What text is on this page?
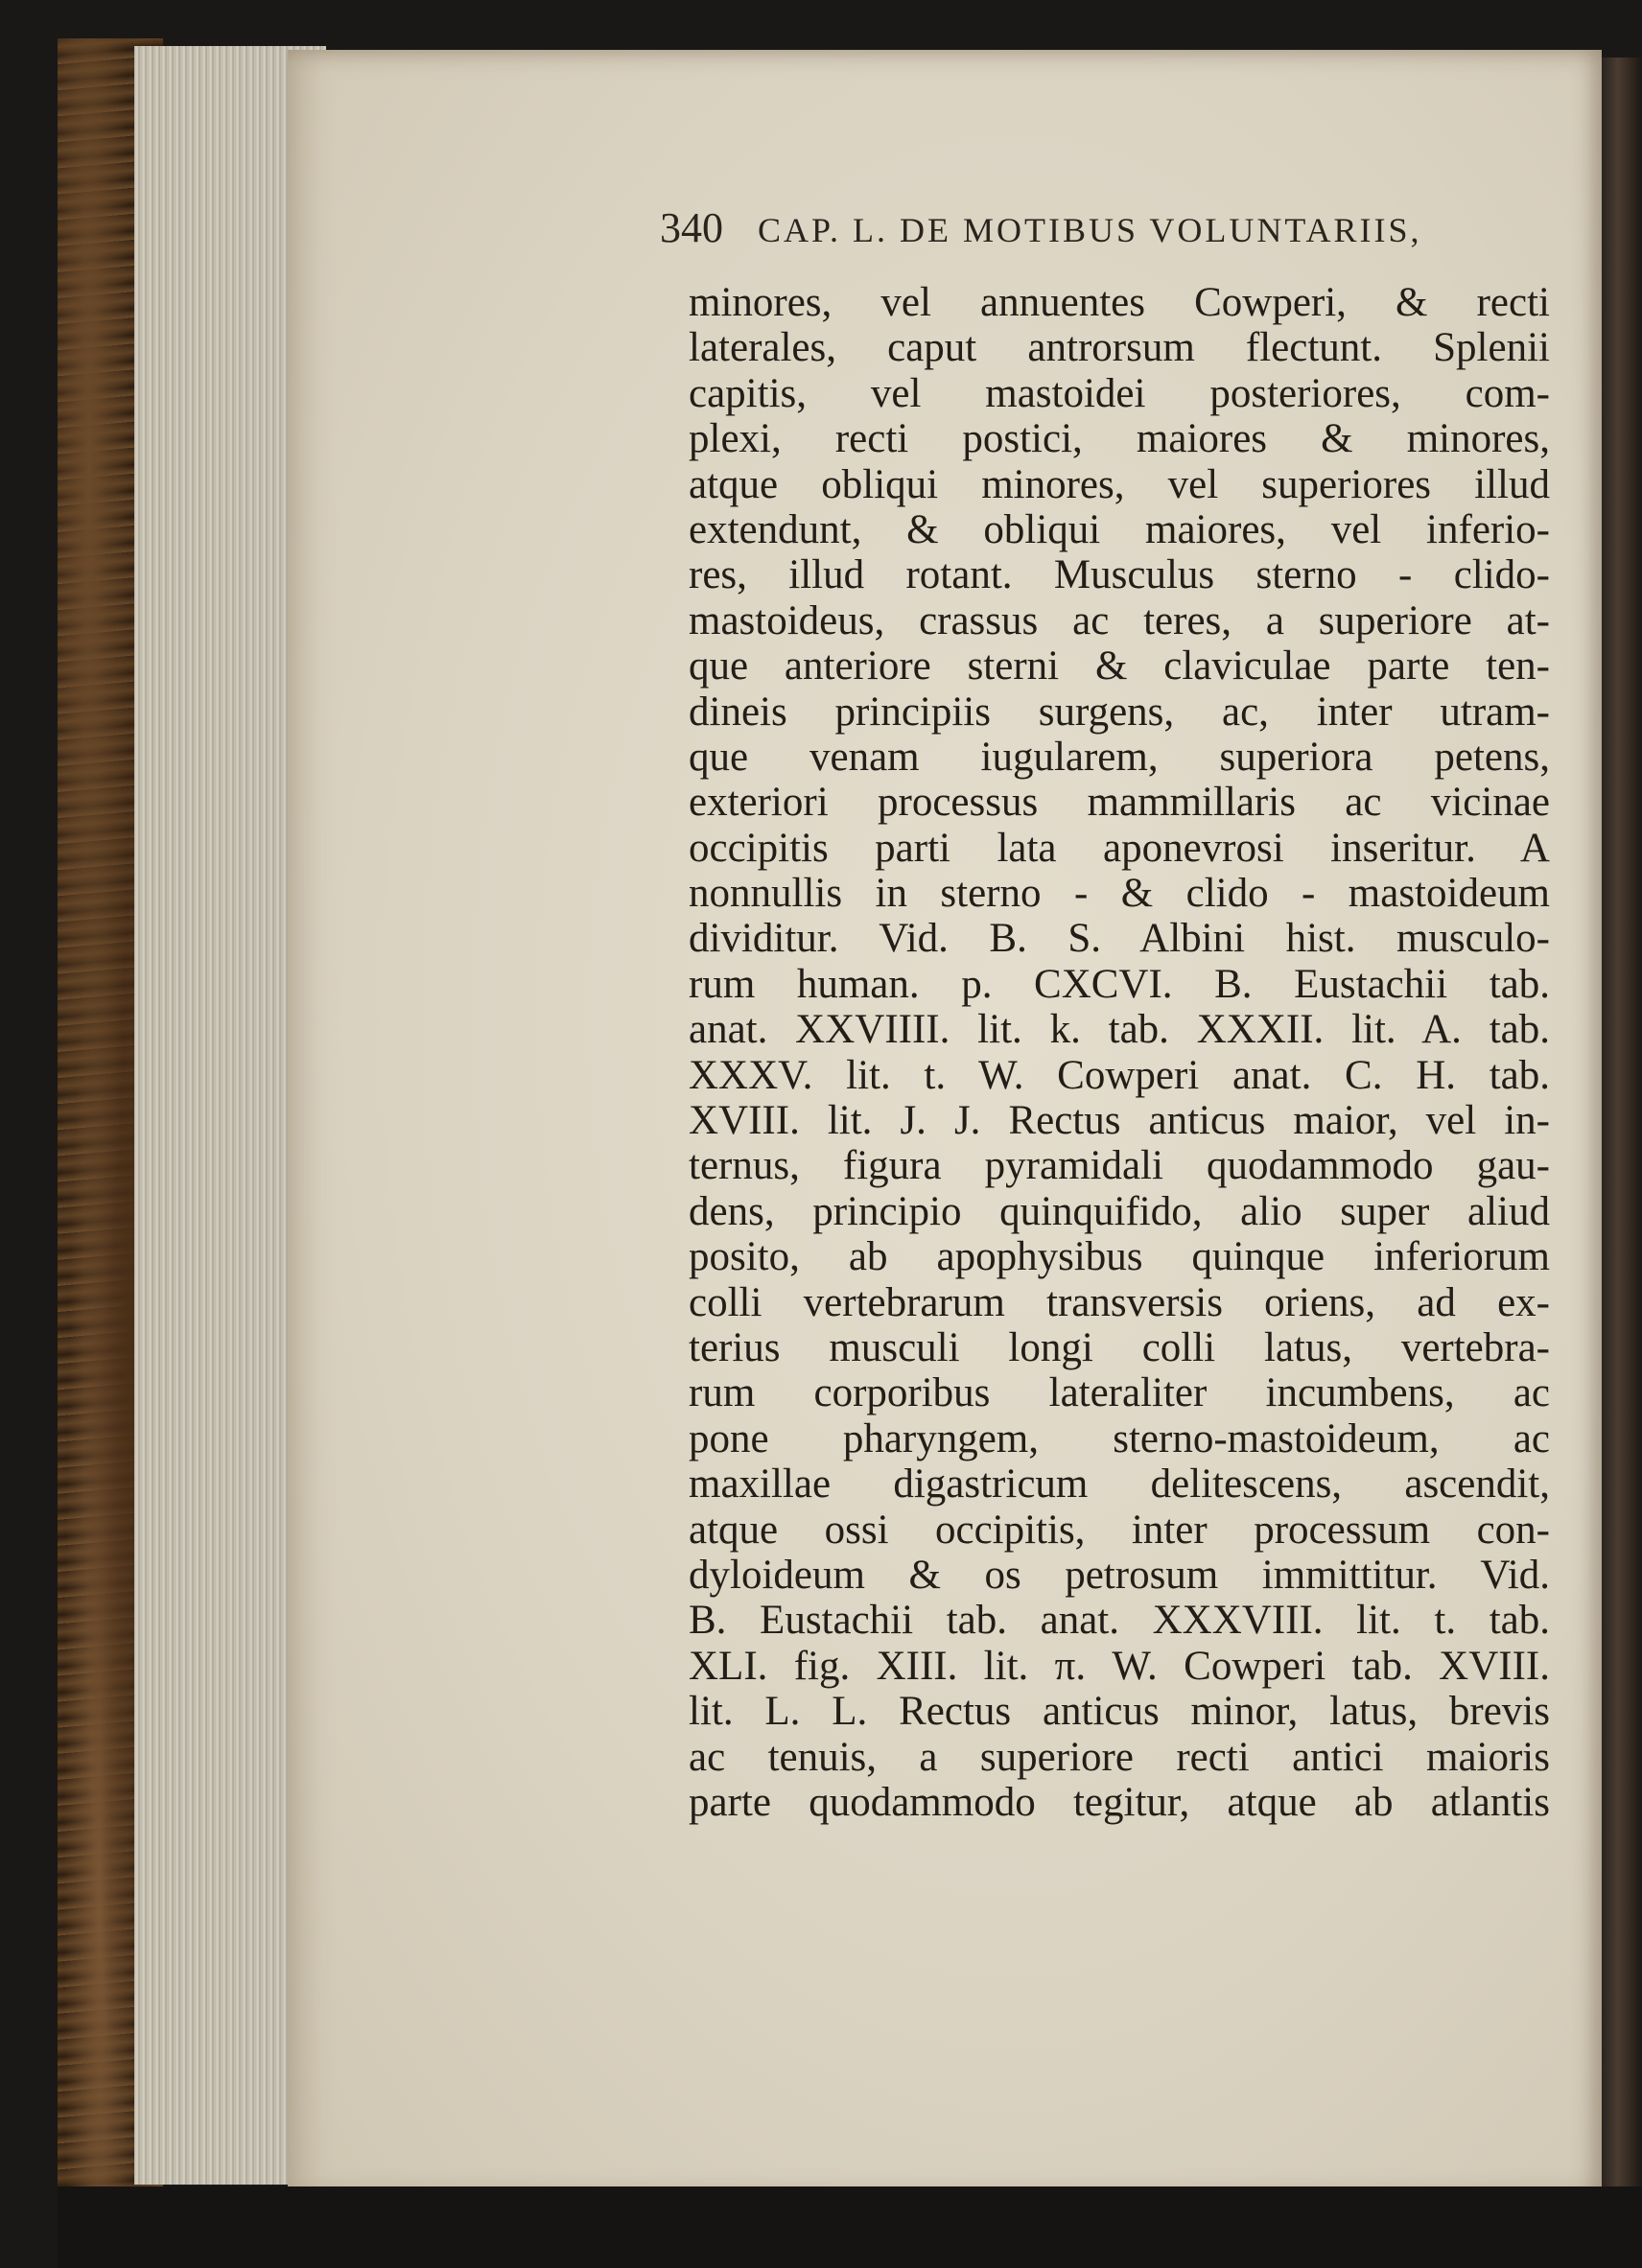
340 CAP. L. DE MOTIBUS VOLUNTARIIS,
minores, vel annuentes Cowperi, & recti
laterales, caput antrorsum flectunt. Splenii
capitis, vel mastoidei posteriores, com-
plexi, recti postici, maiores & minores,
atque obliqui minores, vel superiores illud
extendunt, & obliqui maiores, vel inferio-
res, illud rotant. Musculus sterno - clido-
mastoideus, crassus ac teres, a superiore at-
que anteriore sterni & claviculae parte ten-
dineis principiis surgens, ac, inter utram-
que venam iugularem, superiora petens,
exteriori processus mammillaris ac vicinae
occipitis parti lata aponevrosi inseritur. A
nonnullis in sterno - & clido - mastoideum
dividitur. Vid. B. S. Albini hist. musculo-
rum human. p. CXCVI. B. Eustachii tab.
anat. XXVIIII. lit. k. tab. XXXII. lit. A. tab.
XXXV. lit. t. W. Cowperi anat. C. H. tab.
XVIII. lit. J. J. Rectus anticus maior, vel in-
ternus, figura pyramidali quodammodo gau-
dens, principio quinquifido, alio super aliud
posito, ab apophysibus quinque inferiorum
colli vertebrarum transversis oriens, ad ex-
terius musculi longi colli latus, vertebra-
rum corporibus lateraliter incumbens, ac
pone pharyngem, sterno-mastoideum, ac
maxillae digastricum delitescens, ascendit,
atque ossi occipitis, inter processum con-
dyloideum & os petrosum immittitur. Vid.
B. Eustachii tab. anat. XXXVIII. lit. t. tab.
XLI. fig. XIII. lit. π. W. Cowperi tab. XVIII.
lit. L. L. Rectus anticus minor, latus, brevis
ac tenuis, a superiore recti antici maioris
parte quodammodo tegitur, atque ab atlantis
